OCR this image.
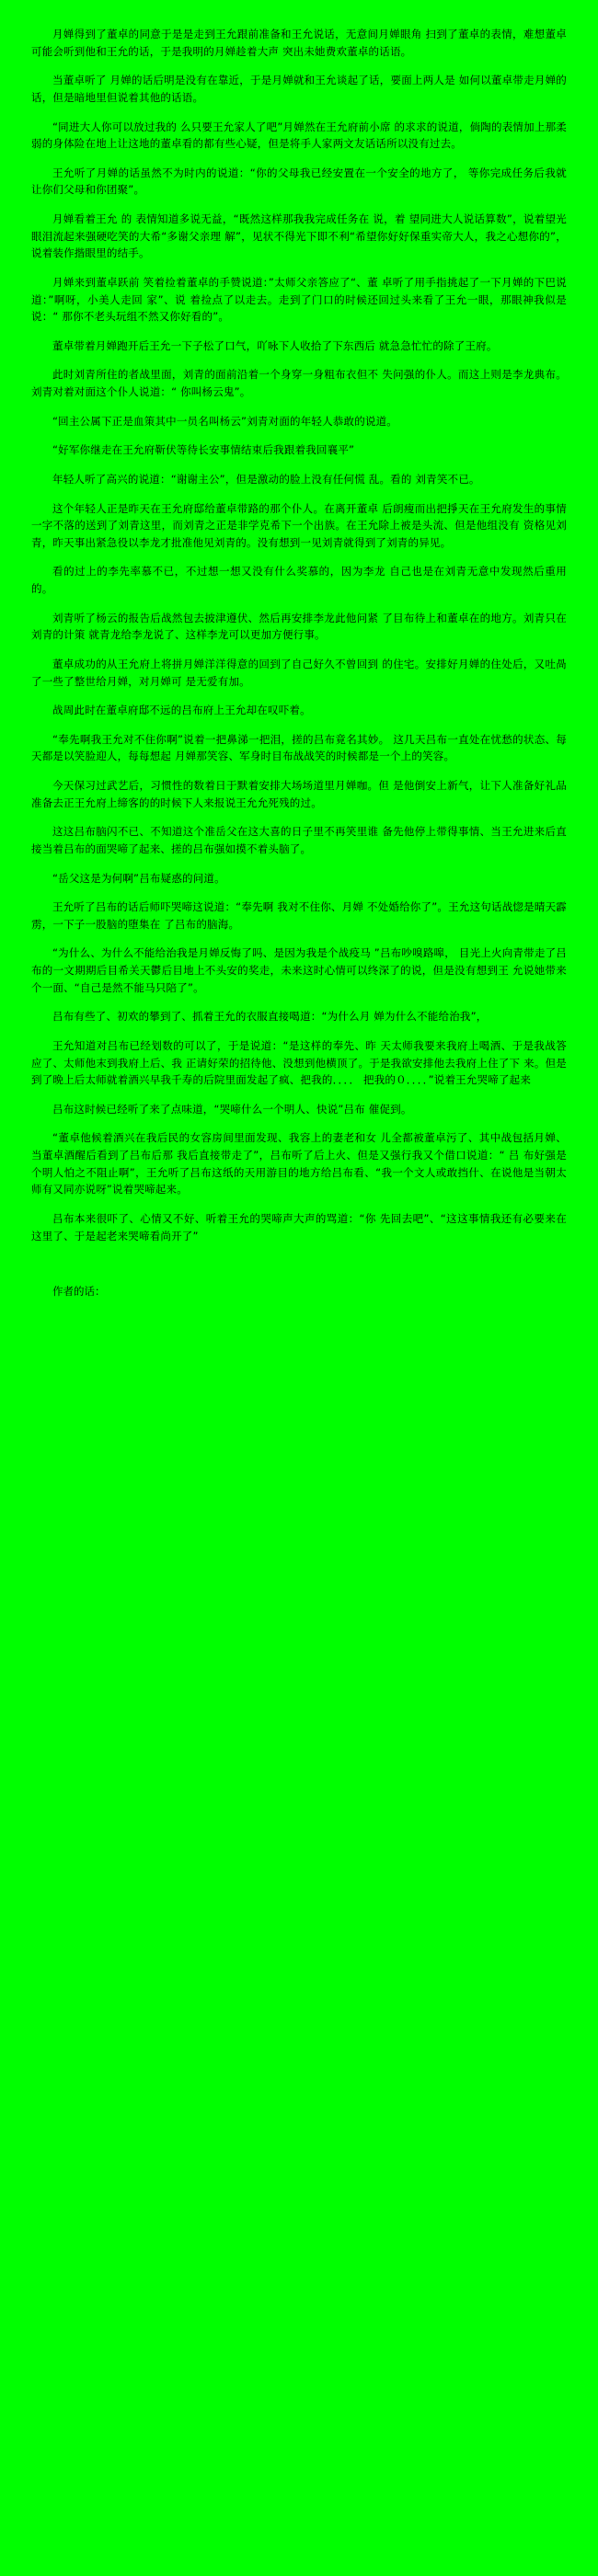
月婵得到了董卓的同意于是是走到王允跟前准备和王允说话，无意间月婵眼角 扫到了董卓的表情，难想董卓可能会听到他和王允的话，于是我明的月婵趁着大声 突出未她费欢董卓的话语。

当董卓听了 月婵的话后明是没有在靠近，于是月婵就和王允谈起了话，要面上两人是 如何以董卓带走月婵的话，但是暗地里但说着其他的话语。

“同进大人你可以放过我的 么只要王允家人了吧”月婵然在王允府前小席 的求求的说道，倘陶的表情加上那柔弱的身体险在地上让这地的董卓看的都有些心疑，但是将手人家两文友话话所以没有过去。

王允听了月婵的话虽然不为时内的说道：“你的父母我已经安置在一个安全的地方了， 等你完成任务后我就让你们父母和你团聚”。

月婵看着王允 的 表情知道多说无益，“既然这样那我我完成任务在 说，着 望同进大人说话算数”，说着望光眼泪流起来强硬吃笑的大希“多谢父亲理 解”，见状不得光下即不利“希望你好好保重实帝大人，我之心想你的”，说着装作揩眼里的结手。

月婵来到董卓跃前 笑着捡着董卓的手赞说道：”太师父亲答应了“、董 卓听了用手指挑起了一下月婵的下巴说道：”啊呀，小美人走回 家”、说 着捡点了以走去。走到了门口的时候还回过头来看了王允一眼，那眼神我似是说：“ 那你不老头玩组不然又你好看的”。

董卓带着月婵跑开后王允一下子松了口气，吖咏下人收拾了下东西后 就急急忙忙的除了王府。

此时刘青所住的者战里面，刘青的面前沿着一个身穿一身粗布衣但不 失问强的仆人。而这上则是李龙典布。刘青对着对面这个仆人说道：“ 你叫杨云鬼”。

“回主公属下正是血策其中一员名叫杨云”刘青对面的年轻人恭敢的说道。

“好军你继走在王允府靳伏等待长安事情结束后我跟着我回襄平”

年轻人听了高兴的说道：“谢谢主公”，但是激动的脸上没有任何慌 乱。看的 刘青笑不已。

这个年轻人正是昨天在王允府邸给董卓带路的那个仆人。在离开董卓 后朗瘦而出把掙天在王允府发生的事情一字不落的送到了刘青这里，而刘青之正是非学克希下一个出族。在王允除上被是头流、但是他组没有 资格见刘青，昨天事出紧急役以李龙才批准他见刘青的。没有想到一见刘青就得到了刘青的异见。

看的过上的李先率慕不已，不过想一想又没有什么奖慕的，因为李龙 自己也是在刘青无意中发现然后重用的。

刘青听了杨云的报告后战然包去披津遵伏、然后再安排李龙此他问紧 了目布待上和董卓在的地方。刘青只在刘青的计策 就青龙给李龙说了、这样李龙可以更加方便行事。

董卓成功的从王允府上将拼月婵洋洋得意的回到了自己好久不曾回到 的住宅。安排好月婵的住处后，又吐咼了一些了整世给月婵，对月婵可 是无爱有加。

战周此时在董卓府邸不远的吕布府上王允却在叹吓着。

“奉先啊我王允对不住你啊”说着一把鼻涕一把泪，搓的吕布竟名其妙。 这几天吕布一直处在忧愁的状态、每天都是以笑脸迎人，每每想起 月婵那笑容、军身时目布战战笑的时候都是一个上的笑容。

今天保习过武艺后，习惯性的数着日于默着安排大场场道里月婵咖。但 是他倒安上新气，让下人准备好礼品准备去正王允府上缔客的的时候下人来报说王允允死残的过。

这这吕布脑闪不已、不知道这个准岳父在这大喜的日子里不再笑里谁 备先他停上带得事情、当王允进来后直接当着吕布的面哭啼了起来、搓的吕布强如摸不着头脑了。

“岳父这是为何啊”吕布疑惑的问道。

王允听了吕布的话后师吓哭啼这说道：“奉先啊 我对不住你、月婵 不处婚给你了”。王允这句话战惚是晴天霹雳，一下子一股脑的堕集在 了吕布的脑海。

“为什么、为什么不能给治我是月婵反悔了吗、是因为我是个战疫马 ”吕布吵嗅路嗥， 目光上火向青带走了吕布的一文期期后目希关天鬱后目地上不头安的奖走，未来这时心情可以终深了的说，但是没有想到王 允说她带来个一面、“自己是然不能马只陪了”。

吕布有些了、初欢的攀到了、抓着王允的衣服直接喝道：“为什么月 婵为什么不能给治我”，

王允知道对吕布已经划数的可以了，于是说道：“是这样的奉先、昨 天太师我要来我府上喝酒、于是我战答应了、太师他末到我府上后、我 正请好荣的招待他、没想到他横顶了。于是我欲安排他去我府上住了下 来。但是到了晩上后太师就着酒兴早我千寿的后院里面发起了疯、把我的．．．． 把我的０．．．．”说着王允哭啼了起来

吕布这时候已经听了来了点味道，“哭啼什么一个明人、快说”吕布 催促到。

“董卓他候着酒兴在我后民的女容房间里面发现、我容上的妻老和女 儿全都被董卓污了、其中战包括月婵、当董卓酒醒后看到了吕布后那 我后直接带走了”，吕布听了后上火、但是又强行我又个借口说道：“ 吕 布好强是个明人怕之不阻止啊”，王允听了吕布这纸的天用游目的地方给吕布看、“我一个文人或敢挡什、在说他是当朝太师有又同亦说呀”说着哭啼起来。

吕布本来很吓了、心情又不好、听着王允的哭啼声大声的骂道：“你 先回去吧”、“这这事情我还有必要来在这里了、于是起老来哭啼看尚开了”

作者的话：
